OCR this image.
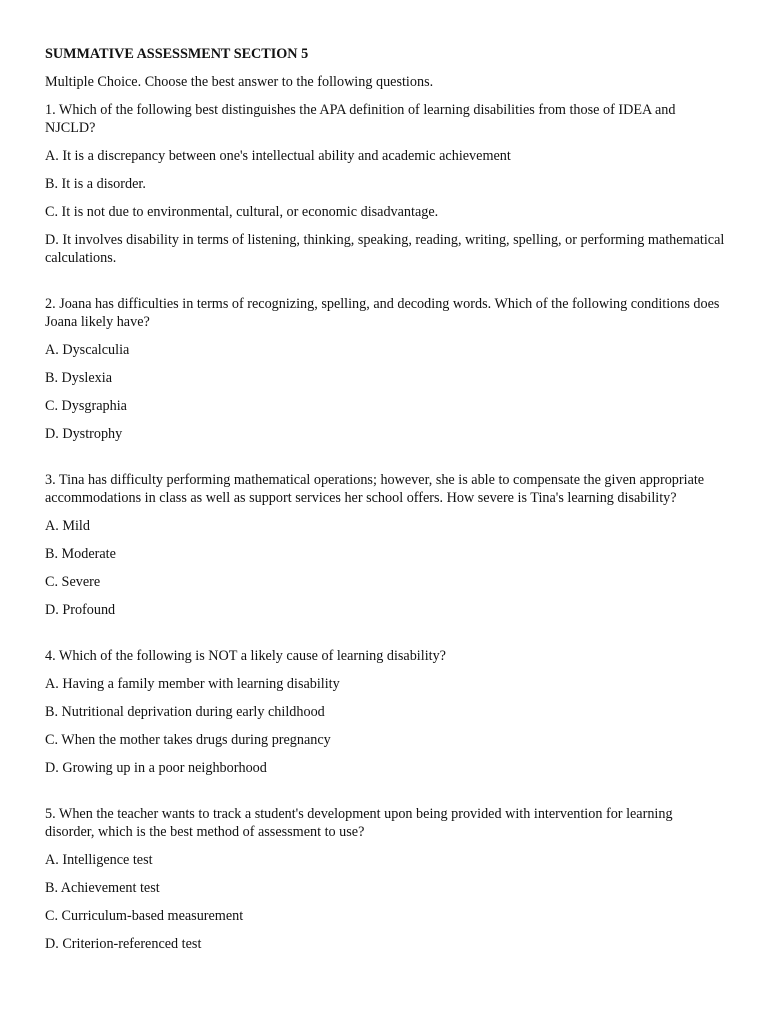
SUMMATIVE ASSESSMENT SECTION 5
Multiple Choice. Choose the best answer to the following questions.
1. Which of the following best distinguishes the APA definition of learning disabilities from those of IDEA and NJCLD?
A. It is a discrepancy between one's intellectual ability and academic achievement
B. It is a disorder.
C. It is not due to environmental, cultural, or economic disadvantage.
D. It involves disability in terms of listening, thinking, speaking, reading, writing, spelling, or performing mathematical calculations.
2. Joana has difficulties in terms of recognizing, spelling, and decoding words. Which of the following conditions does Joana likely have?
A. Dyscalculia
B. Dyslexia
C. Dysgraphia
D. Dystrophy
3. Tina has difficulty performing mathematical operations; however, she is able to compensate the given appropriate accommodations in class as well as support services her school offers. How severe is Tina's learning disability?
A. Mild
B. Moderate
C. Severe
D. Profound
4. Which of the following is NOT a likely cause of learning disability?
A. Having a family member with learning disability
B. Nutritional deprivation during early childhood
C. When the mother takes drugs during pregnancy
D. Growing up in a poor neighborhood
5. When the teacher wants to track a student's development upon being provided with intervention for learning disorder, which is the best method of assessment to use?
A. Intelligence test
B. Achievement test
C. Curriculum-based measurement
D. Criterion-referenced test
